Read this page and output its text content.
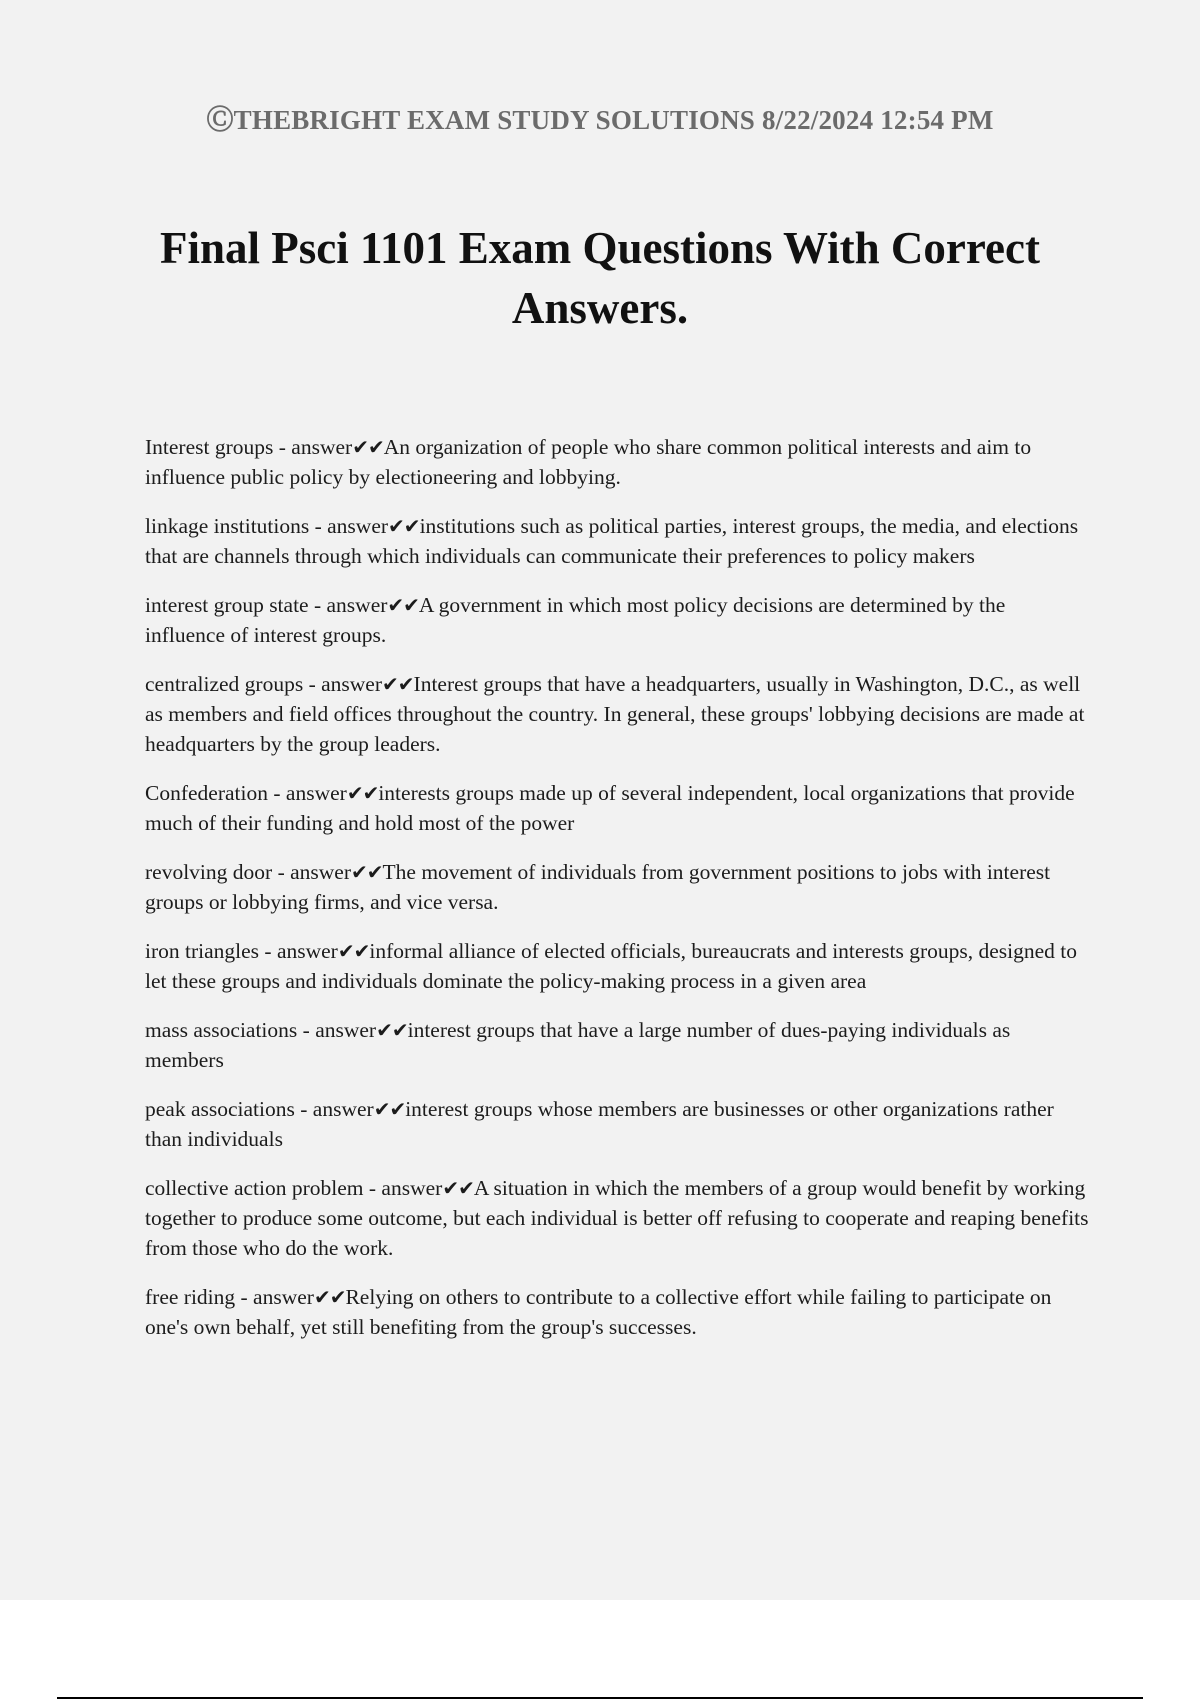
ⒸTHEBRIGHT EXAM STUDY SOLUTIONS 8/22/2024 12:54 PM
Final Psci 1101 Exam Questions With Correct Answers.
Interest groups - answer✔✔An organization of people who share common political interests and aim to influence public policy by electioneering and lobbying.
linkage institutions - answer✔✔institutions such as political parties, interest groups, the media, and elections that are channels through which individuals can communicate their preferences to policy makers
interest group state - answer✔✔A government in which most policy decisions are determined by the influence of interest groups.
centralized groups - answer✔✔Interest groups that have a headquarters, usually in Washington, D.C., as well as members and field offices throughout the country. In general, these groups' lobbying decisions are made at headquarters by the group leaders.
Confederation - answer✔✔interests groups made up of several independent, local organizations that provide much of their funding and hold most of the power
revolving door - answer✔✔The movement of individuals from government positions to jobs with interest groups or lobbying firms, and vice versa.
iron triangles - answer✔✔informal alliance of elected officials, bureaucrats and interests groups, designed to let these groups and individuals dominate the policy-making process in a given area
mass associations - answer✔✔interest groups that have a large number of dues-paying individuals as members
peak associations - answer✔✔interest groups whose members are businesses or other organizations rather than individuals
collective action problem - answer✔✔A situation in which the members of a group would benefit by working together to produce some outcome, but each individual is better off refusing to cooperate and reaping benefits from those who do the work.
free riding - answer✔✔Relying on others to contribute to a collective effort while failing to participate on one's own behalf, yet still benefiting from the group's successes.
